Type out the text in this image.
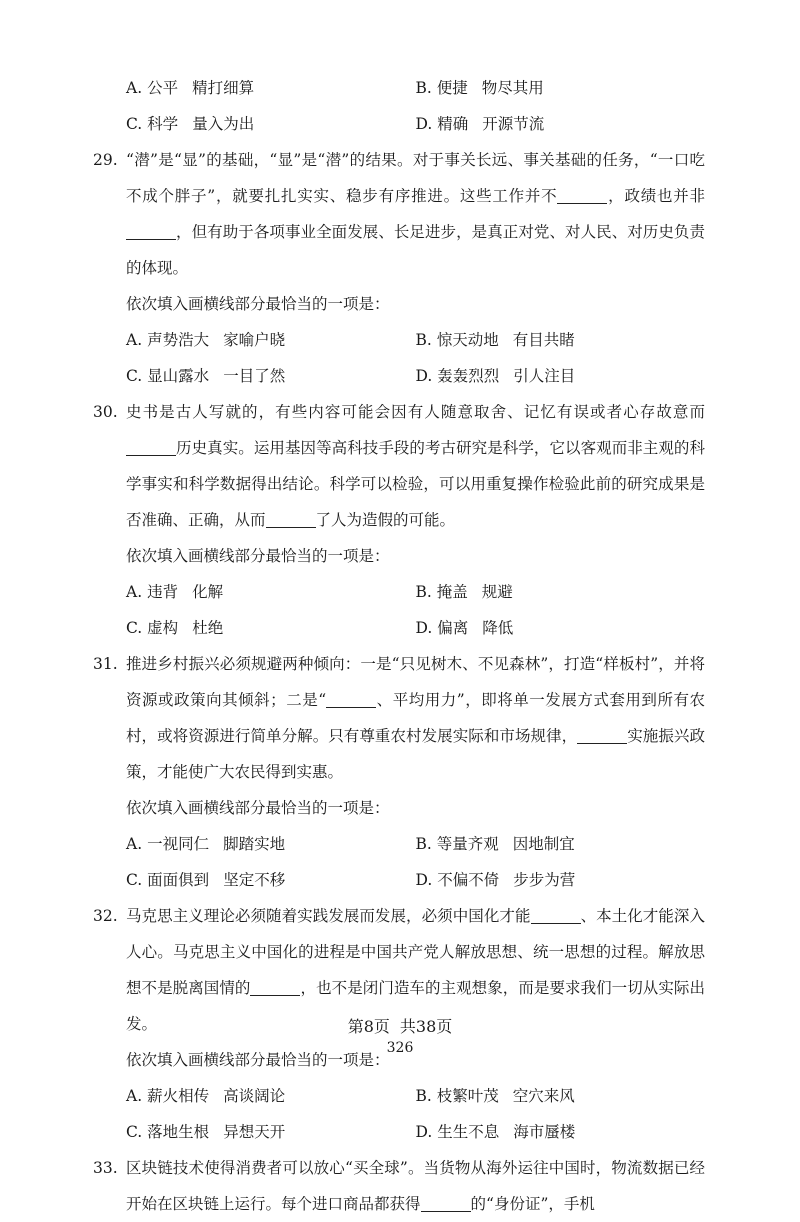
A. 公平 精打细算	B. 便捷 物尽其用
C. 科学 量入为出	D. 精确 开源节流
29. “潜”是“显”的基础，“显”是“潜”的结果。对于事关长远、事关基础的任务，“一口吃不成个胖子”，就要扎扎实实、稳步有序推进。这些工作并不	，政绩也并非，但有助于各项事业全面发展、长足进步，是真正对党、对人民、对历史负责的体现。
依次填入画横线部分最恰当的一项是：
A. 声势浩大 家喻户晓	B. 惊天动地 有目共睹
C. 显山露水 一目了然	D. 轰轰烈烈 引人注目
30. 史书是古人写就的，有些内容可能会因有人随意取舍、记忆有误或者心存故意而历史真实。运用基因等高科技手段的考古研究是科学，它以客观而非主观的科学事实和科学数据得出结论。科学可以检验，可以用重复操作检验此前的研究成果是否准确、正确，从而	了人为造假的可能。
依次填入画横线部分最恰当的一项是：
A. 违背 化解	B. 掩盖 规避
C. 虚构 杜绝	D. 偏离 降低
31. 推进乡村振兴必须规避两种倾向：一是“只见树木、不见森林”，打造“样板村”，并将资源或政策向其倾斜；二是“	、平均用力”，即将单一发展方式套用到所有农村，或将资源进行简单分解。只有尊重农村发展实际和市场规律，	实施振兴政策，才能使广大农民得到实惠。
依次填入画横线部分最恰当的一项是：
A. 一视同仁 脚踏实地	B. 等量齐观 因地制宜
C. 面面俱到 坚定不移	D. 不偏不倚 步步为营
32. 马克思主义理论必须随着实践发展而发展，必须中国化才能	、本土化才能深入人心。马克思主义中国化的进程是中国共产党人解放思想、统一思想的过程。解放思想不是脱离国情的	，也不是闭门造车的主观想象，而是要求我们一切从实际出发。
依次填入画横线部分最恰当的一项是：
A. 薪火相传 高谈阔论	B. 枝繁叶茂 空穴来风
C. 落地生根 异想天开	D. 生生不息 海市蜃楼
33. 区块链技术使得消费者可以放心“买全球”。当货物从海外运往中国时，物流数据已经开始在区块链上运行。每个进口商品都获得	的“身份证”，手机
第8页 共38页
326
